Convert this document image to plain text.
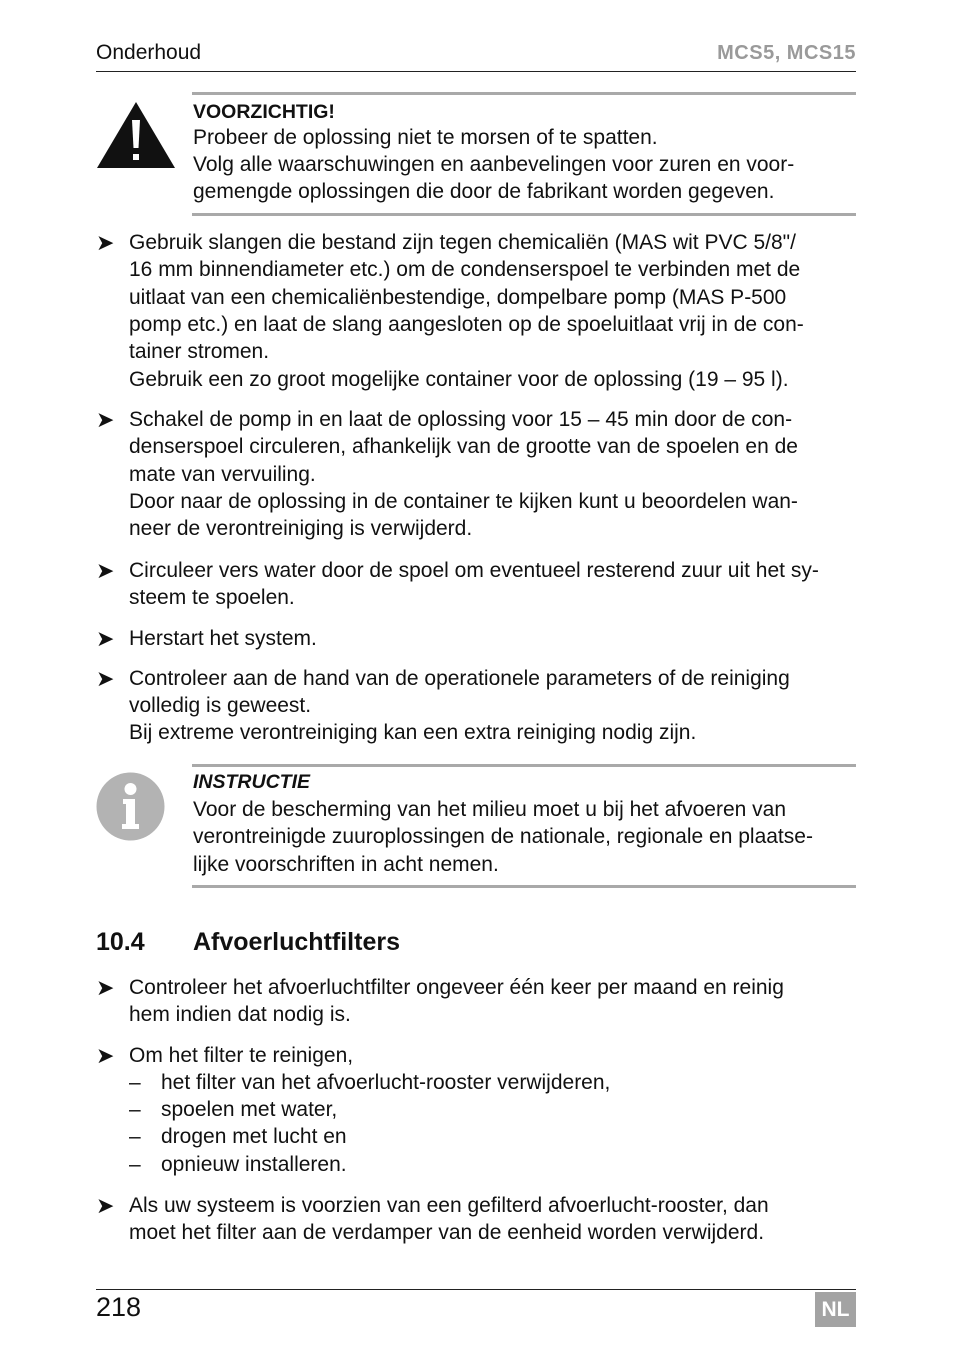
Onderhoud	MCS5, MCS15
VOORZICHTIG!
Probeer de oplossing niet te morsen of te spatten.
Volg alle waarschuwingen en aanbevelingen voor zuren en voor-
gemengde oplossingen die door de fabrikant worden gegeven.
➤ Gebruik slangen die bestand zijn tegen chemicaliën (MAS wit PVC 5/8"/
16 mm binnendiameter etc.) om de condenserspoel te verbinden met de
uitlaat van een chemicaliënbestendige, dompelbare pomp (MAS P-500
pomp etc.) en laat de slang aangesloten op de spoeluitlaat vrij in de con-
tainer stromen.
Gebruik een zo groot mogelijke container voor de oplossing (19 – 95 l).
➤ Schakel de pomp in en laat de oplossing voor 15 – 45 min door de con-
denserspoel circuleren, afhankelijk van de grootte van de spoelen en de
mate van vervuiling.
Door naar de oplossing in de container te kijken kunt u beoordelen wan-
neer de verontreiniging is verwijderd.
➤ Circuleer vers water door de spoel om eventueel resterend zuur uit het sy-
steem te spoelen.
➤ Herstart het system.
➤ Controleer aan de hand van de operationele parameters of de reiniging
volledig is geweest.
Bij extreme verontreiniging kan een extra reiniging nodig zijn.
INSTRUCTIE
Voor de bescherming van het milieu moet u bij het afvoeren van
verontreinigde zuuroplossingen de nationale, regionale en plaatse-
lijke voorschriften in acht nemen.
10.4 Afvoerluchtfilters
➤ Controleer het afvoerluchtfilter ongeveer één keer per maand en reinig
hem indien dat nodig is.
➤ Om het filter te reinigen,
– het filter van het afvoerlucht-rooster verwijderen,
– spoelen met water,
– drogen met lucht en
– opnieuw installeren.
➤ Als uw systeem is voorzien van een gefilterd afvoerlucht-rooster, dan
moet het filter aan de verdamper van de eenheid worden verwijderd.
218	NL
